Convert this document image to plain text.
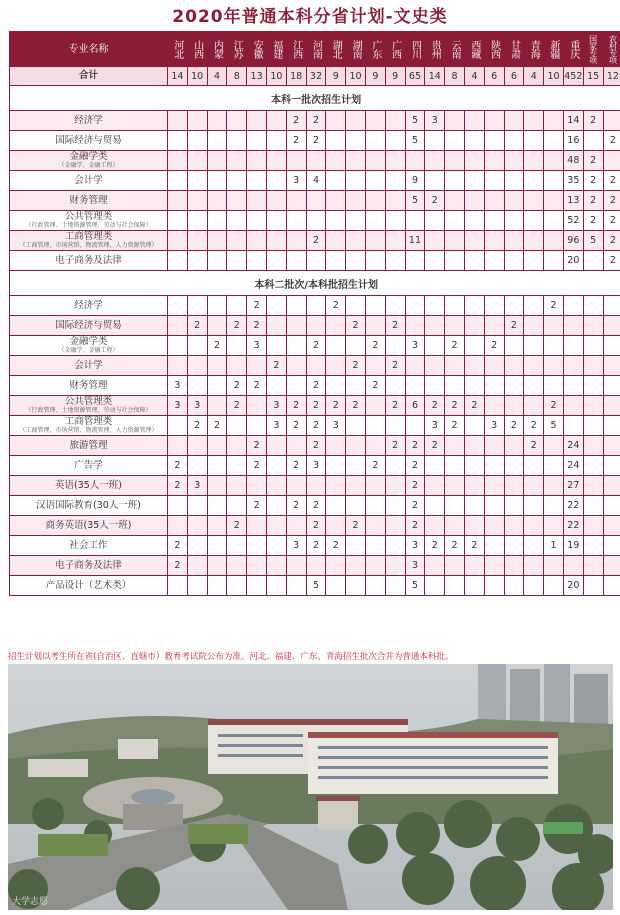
2020年普通本科分省计划-文史类
专业名称	河北	山西	内蒙	江苏	安徽	福建	江西	河南	湖北	湖南	广东	广西	四川	贵州	云南	西藏	陕西	甘肃	青海	新疆	重庆	国家专项	农村专项
合计	14	10	4	8	13	10	18	32	9	10	9	9	65	14	8	4	6	6	4	10	452	15	12
本科一批次招生计划																							
经济学							2	2					5	3							14	2	
国际经济与贸易							2	2					5								16		2
金融学类
（金融学、金融工程）																					48	2	
会计学							3	4					9								35	2	2
财务管理													5	2							13	2	2
公共管理类
（行政管理、土地资源管理、劳动与社会保障）																					52	2	2
工商管理类
（工商管理、市场营销、物流管理、人力资源管理）								2					11								96	5	2
电子商务及法律																					20		2
本科二批次/本科批招生计划																							
经济学					2				2											2			
国际经济与贸易		2		2	2					2		2						2					
金融学类
（金融学、金融工程）			2		3			2			2		3		2		2						
会计学						2				2		2											
财务管理	3			2	2			2			2												
公共管理类
（行政管理、土地资源管理、劳动与社会保障）	3	3		2		3	2	2	2	2		2	6	2	2	2				2			
工商管理类
（工商管理、市场营销、物流管理、人力资源管理）		2	2			3	2	2	3					3	2		3	2	2	5			
旅游管理					2			2				2	2	2					2		24		
广告学	2				2		2	3			2		2								24		
英语(35人一班)	2	3											2								27		
汉语国际教育(30人一班)					2		2	2					2								22		
商务英语(35人一班)				2				2		2			2								22		
社会工作	2						3	2	2				3	2	2	2				1	19		
电子商务及法律	2												3										
产品设计（艺术类）								5					5								20		
招生计划以考生所在省(自治区、直辖市）教育考试院公布为准。河北、福建、广东、青海招生批次合并为普通本科批。
大学志愿
